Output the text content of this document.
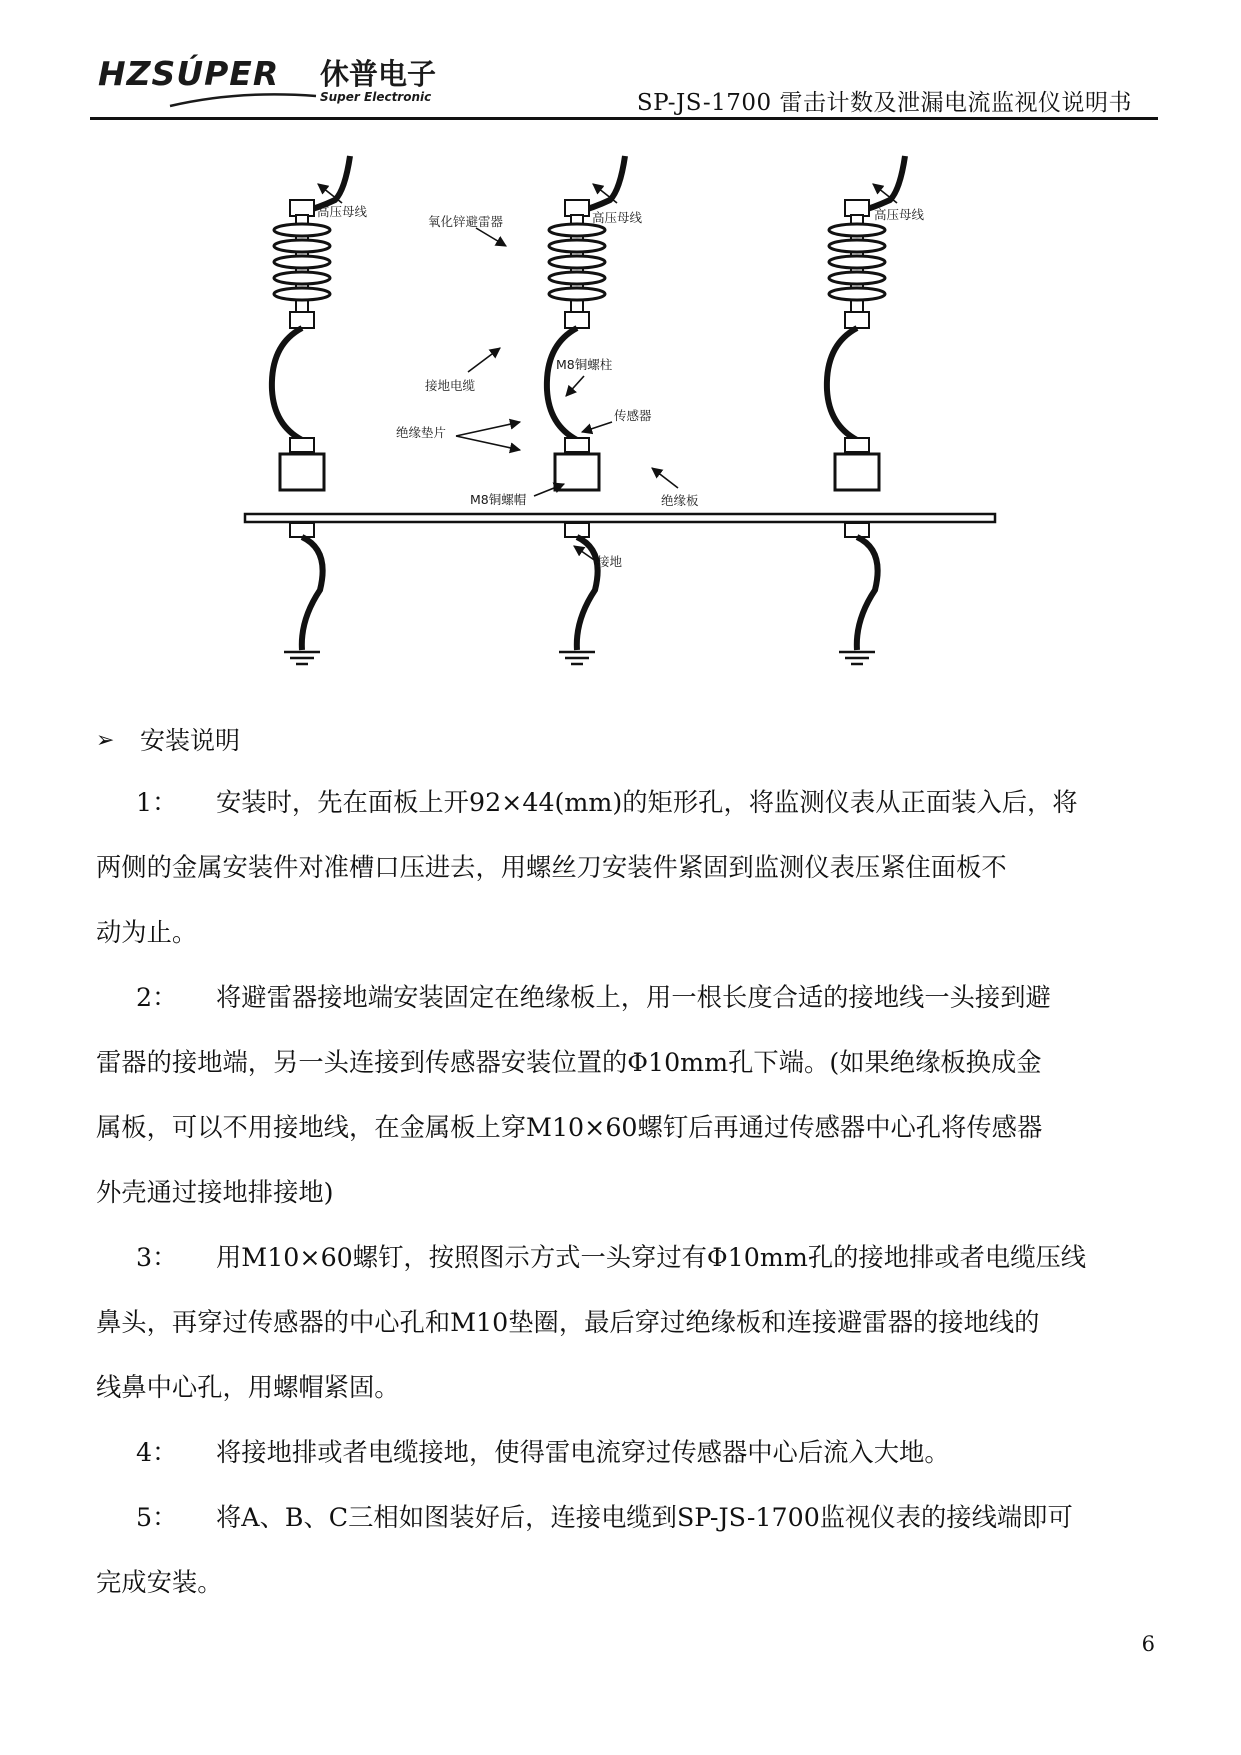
HZSÚPER 休普电子
Super Electronic	SP-JS-1700 雷击计数及泄漏电流监视仪说明书
高压母线	高压母线	高压母线
氧化锌避雷器
接地电缆
M8铜螺柱
绝缘垫片
传感器
M8铜螺帽	绝缘板
接地
➢	安装说明
1： 安装时，先在面板上开92×44(mm)的矩形孔，将监测仪表从正面装入后，将
两侧的金属安装件对准槽口压进去，用螺丝刀安装件紧固到监测仪表压紧住面板不
动为止。
2： 将避雷器接地端安装固定在绝缘板上，用一根长度合适的接地线一头接到避
雷器的接地端，另一头连接到传感器安装位置的Φ10mm孔下端。(如果绝缘板换成金
属板，可以不用接地线，在金属板上穿M10×60螺钉后再通过传感器中心孔将传感器
外壳通过接地排接地)
3： 用M10×60螺钉，按照图示方式一头穿过有Φ10mm孔的接地排或者电缆压线
鼻头，再穿过传感器的中心孔和M10垫圈，最后穿过绝缘板和连接避雷器的接地线的
线鼻中心孔，用螺帽紧固。
4： 将接地排或者电缆接地，使得雷电流穿过传感器中心后流入大地。
5： 将A、B、C三相如图装好后，连接电缆到SP-JS-1700监视仪表的接线端即可
完成安装。
6
